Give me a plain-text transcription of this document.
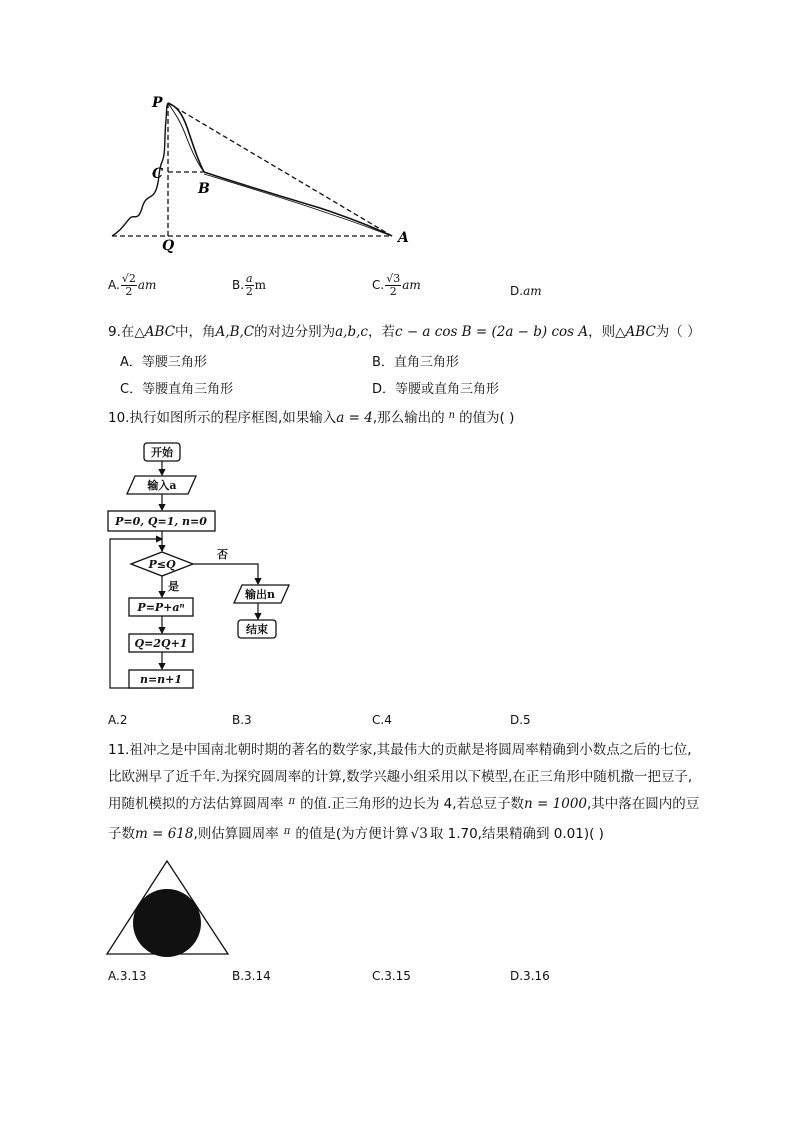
P
C
B
Q	A
A. $\frac{√2}{2}$ am	B. $\frac{a}{2}$ m	C. $\frac{√3}{2}$ am	D.am
9.在△ABC中，角A,B,C的对边分别为a,b,c，若c − a cos B = (2a − b) cos A，则△ABC为（ ）
A．等腰三角形	B．直角三角形
C．等腰直角三角形	D．等腰或直角三角形
10.执行如图所示的程序框图,如果输入a = 4,那么输出的 $^n$ 的值为( )
开始
输入a
P=0, Q=1, n=0
P≤Q
否
输出n
结束
是
P=P+aⁿ
Q=2Q+1
n=n+1
A.2	B.3	C.4	D.5
11.祖冲之是中国南北朝时期的著名的数学家,其最伟大的贡献是将圆周率精确到小数点之后的七位,
比欧洲早了近千年.为探究圆周率的计算,数学兴趣小组采用以下模型,在正三角形中随机撒一把豆子,
用随机模拟的方法估算圆周率 $^\pi$ 的值.正三角形的边长为 4,若总豆子数n = 1000,其中落在圆内的豆
子数m = 618,则估算圆周率 $^\pi$ 的值是(为方便计算 √3 取 1.70,结果精确到 0.01)( )
A.3.13	B.3.14	C.3.15	D.3.16
